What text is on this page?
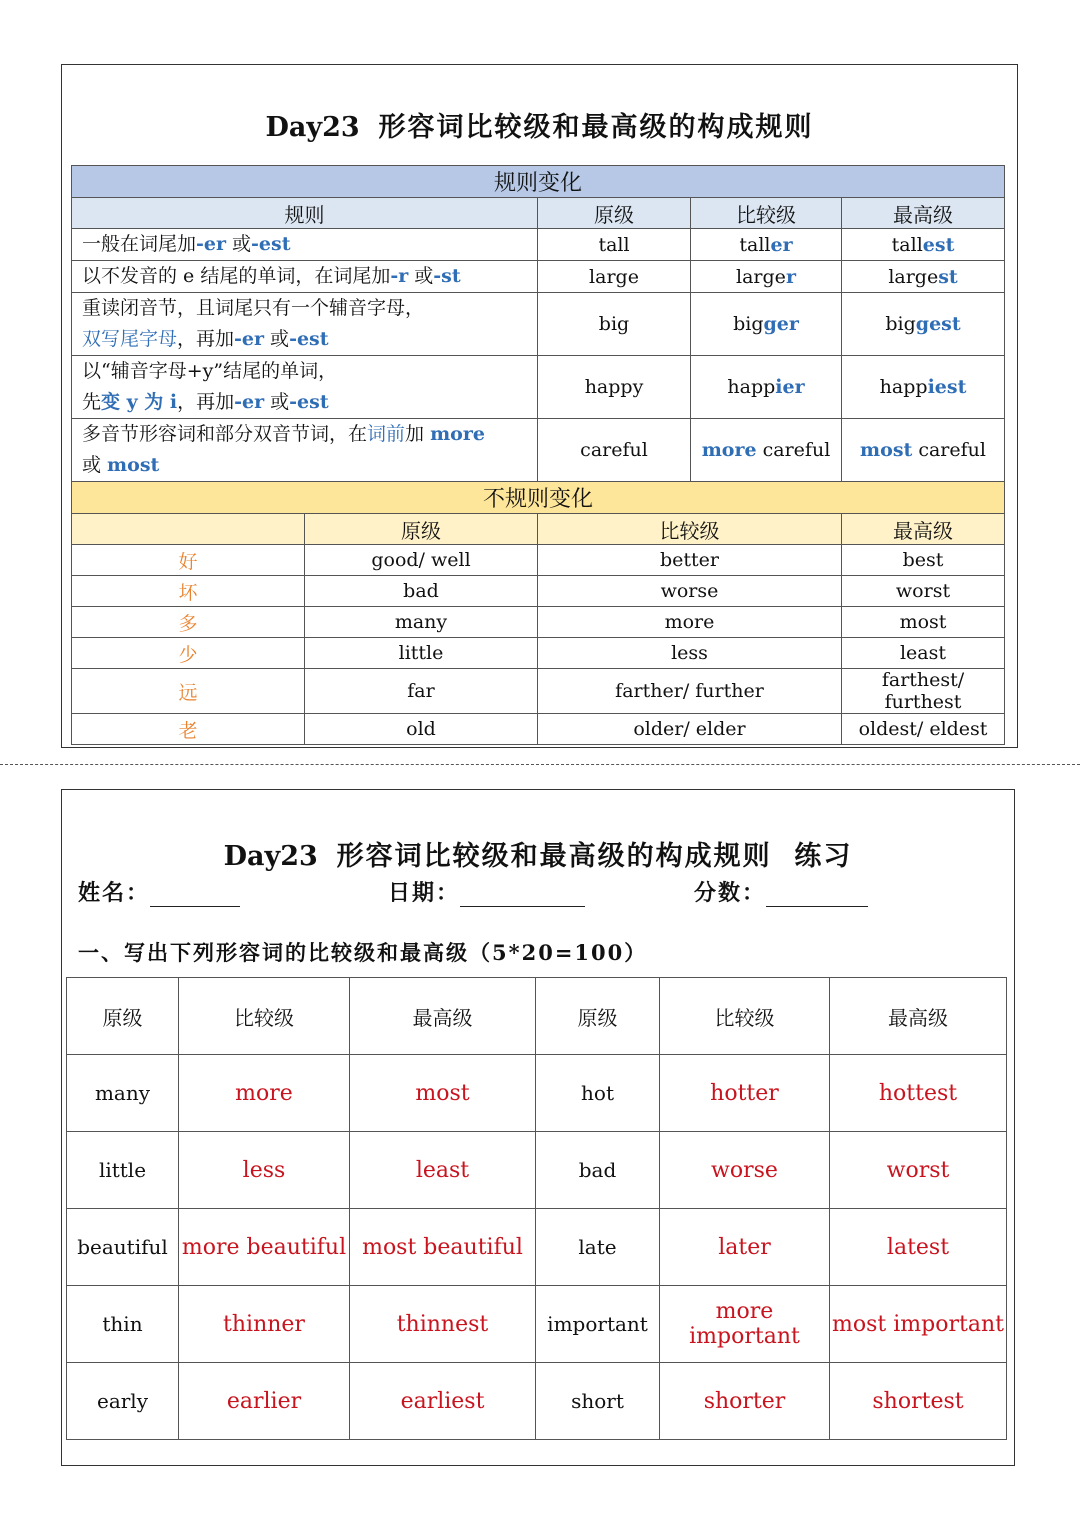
Day23 形容词比较级和最高级的构成规则
规则变化				
规则		原级	比较级	最高级
一般在词尾加-er 或-est		tall	taller	tallest
以不发音的 e 结尾的单词，在词尾加-r 或-st		large	larger	largest
重读闭音节，且词尾只有一个辅音字母，
双写尾字母，再加-er 或-est		big	bigger	biggest
以“辅音字母+y”结尾的单词，
先变 y 为 i，再加-er 或-est		happy	happier	happiest
多音节形容词和部分双音节词，在词前加 more
或 most		careful	more careful	most careful
不规则变化				
	原级	比较级		最高级
好	good/ well	better		best
坏	bad	worse		worst
多	many	more		most
少	little	less		least
远	far	farther/ further		farthest/ furthest
老	old	older/ elder		oldest/ eldest
Day23 形容词比较级和最高级的构成规则  练习
姓名：	日期：	分数：
一、写出下列形容词的比较级和最高级（5*20=100）
原级	比较级	最高级	原级	比较级	最高级
many	more	most	hot	hotter	hottest
little	less	least	bad	worse	worst
beautiful	more beautiful	most beautiful	late	later	latest
thin	thinner	thinnest	important	more important	most important
early	earlier	earliest	short	shorter	shortest
